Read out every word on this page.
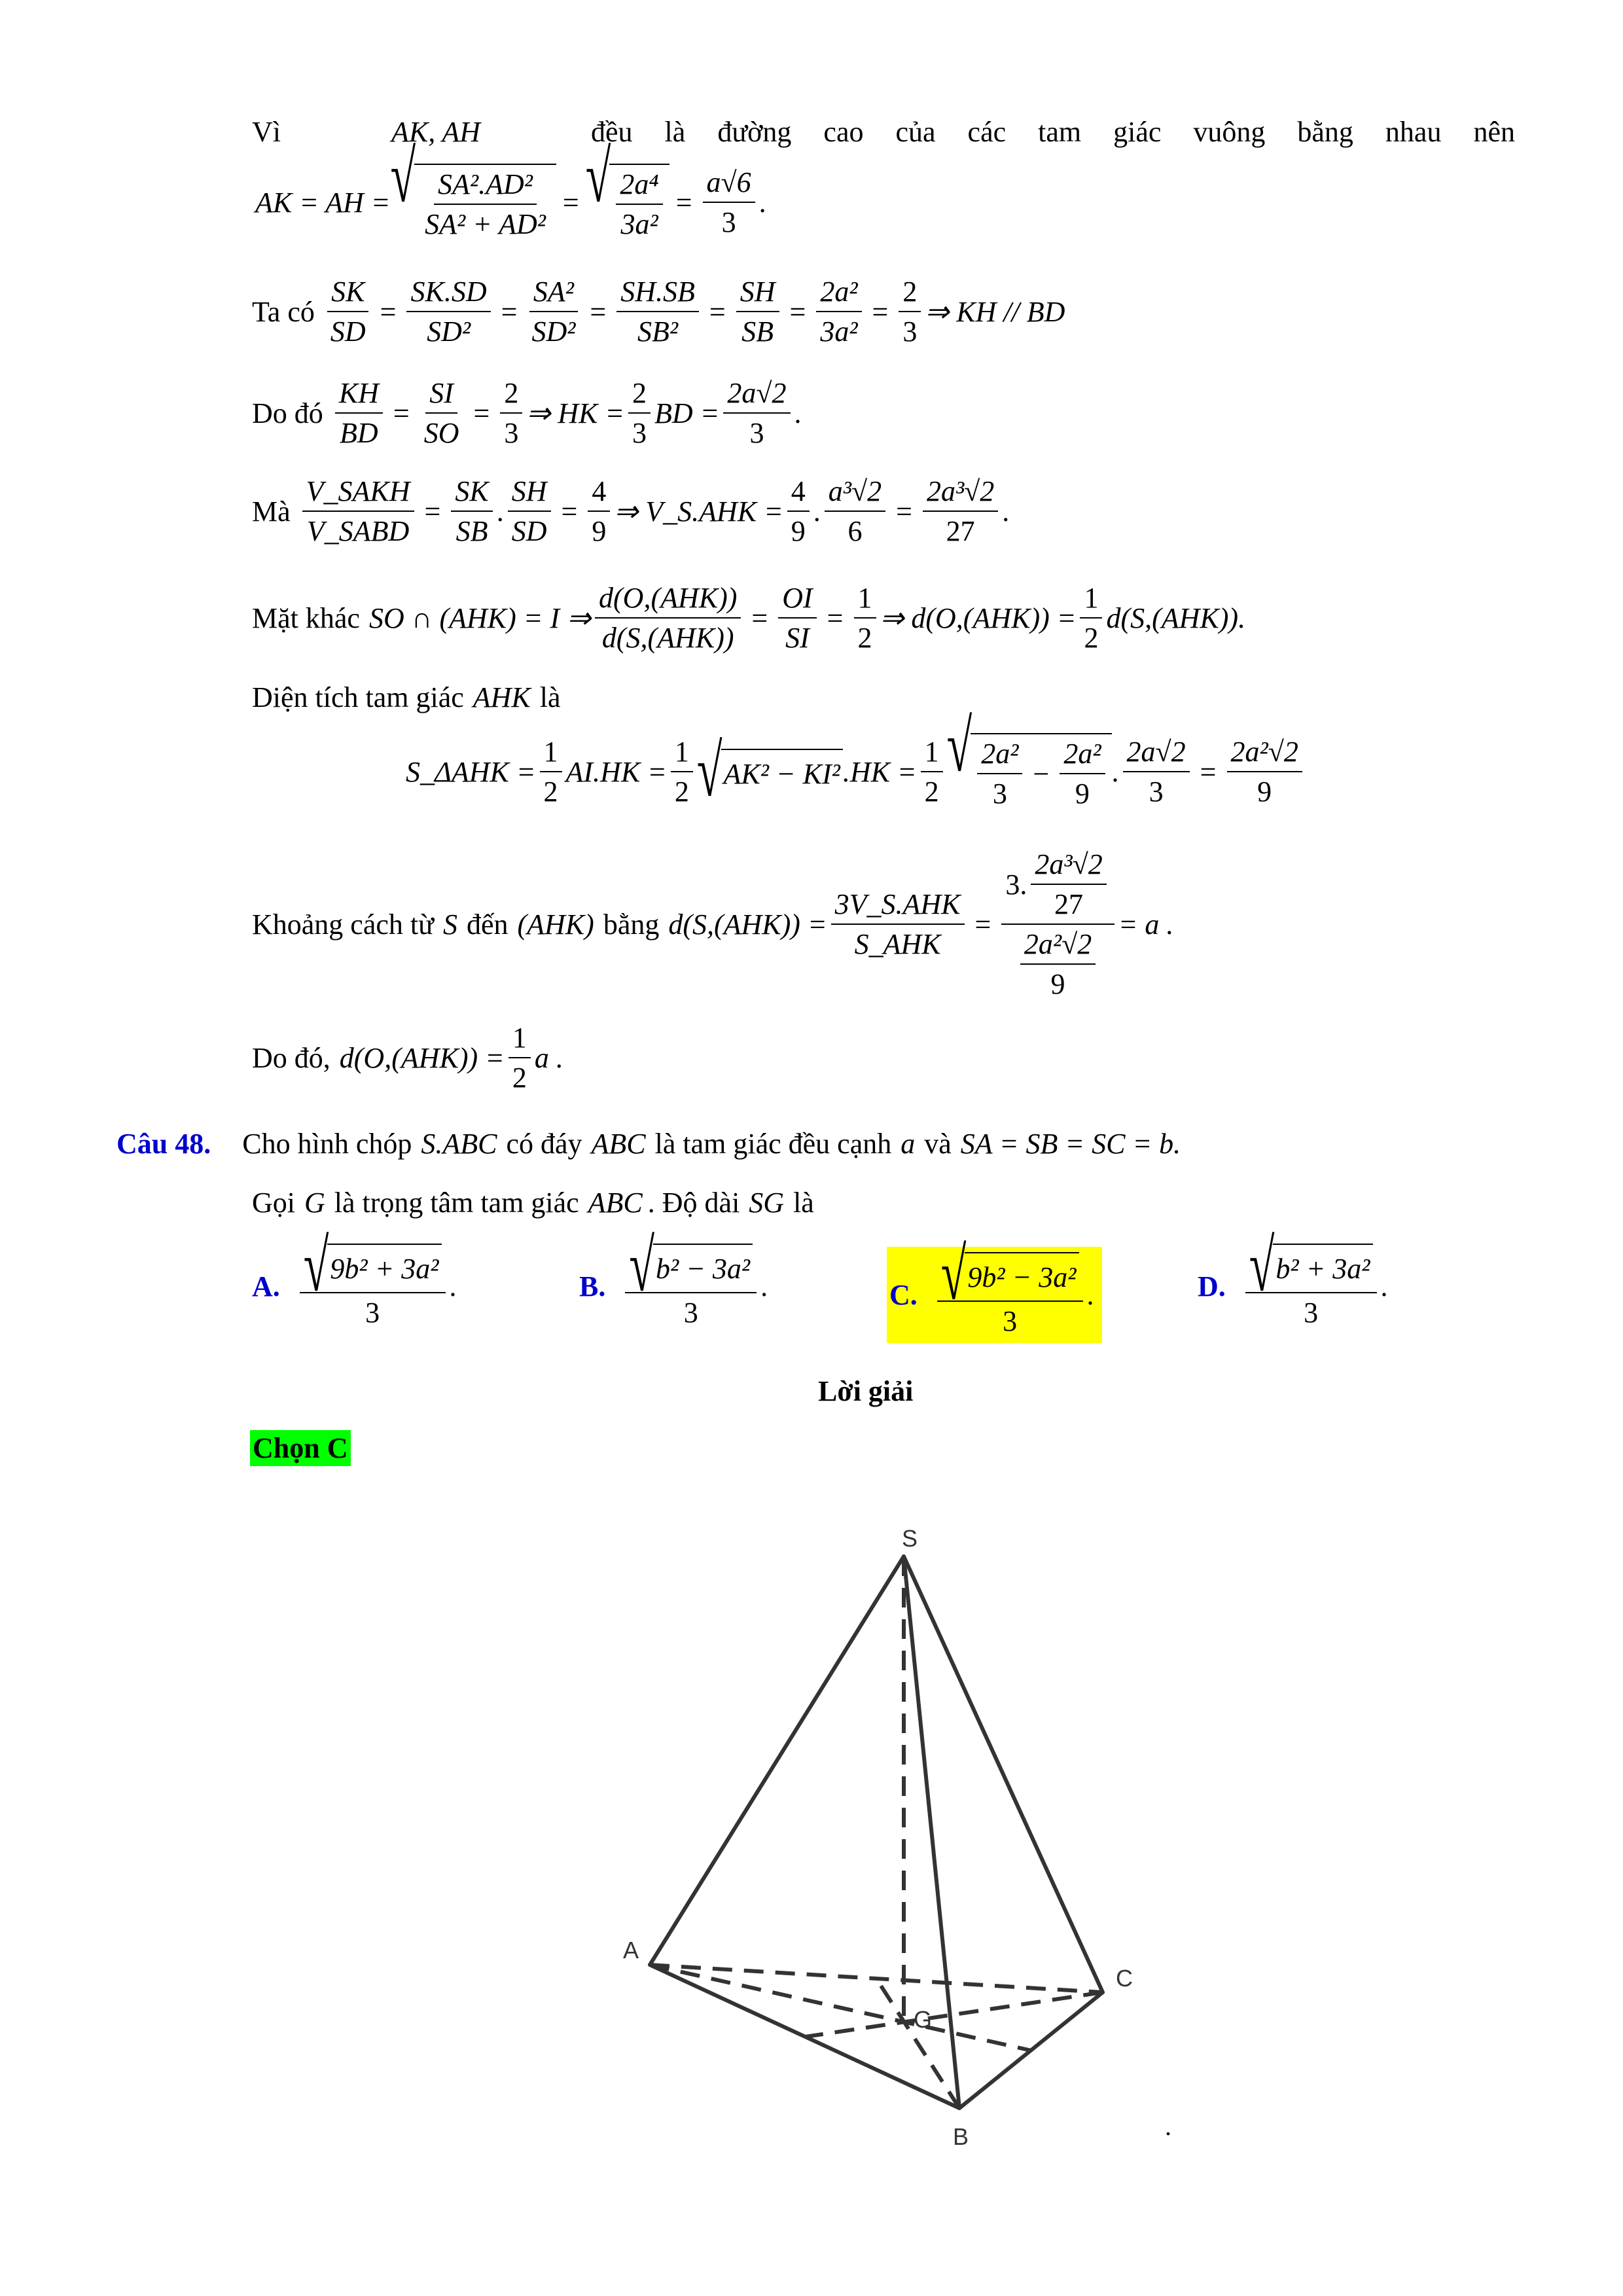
Vì	AK, AH	đều là đường cao của các tam giác vuông bằng nhau nên
AK = AH = √ $\frac{\text{SA².AD²}}{\text{SA² + AD²}}$ = √ $\frac{\text{2a⁴}}{\text{3a²}} = \frac{a√6}{3}$ .
Ta có $\frac{SK}{SD} = \frac{SK.SD}{\text{SD²}} = \frac{\text{SA²}}{\text{SD²}} = \frac{SH.SB}{\text{SB²}} = \frac{SH}{SB} = \frac{\text{2a²}}{\text{3a²}} = \frac{2}{3}$ ⇒ KH // BD
Do đó $\frac{KH}{BD} = \frac{SI}{SO} = \frac{2}{3}$ ⇒ HK = $\frac{2}{3}$ BD = $\frac{2a√2}{3}$ .
Mà $\frac{\text{V\_SAKH}}{\text{V\_SABD}} = \frac{SK}{SB}$ . $\frac{SH}{SD} = \frac{4}{9}$ ⇒ V_S.AHK = $\frac{4}{9}$ . $\frac{\text{a³√2}}{6} = \frac{\text{2a³√2}}{27}$ .
Mặt khác SO ∩ (AHK) = I ⇒ $\frac{\text{d(O,(AHK))}}{\text{d(S,(AHK))}} = \frac{OI}{SI} = \frac{1}{2}$ ⇒ $d(O,(AHK)) = \frac{1}{2} d(S,(AHK))$.
Diện tích tam giác AHK là
S_ΔAHK = $\frac{1}{2} AI.HK = \frac{1}{2}$ √ AK² − KI² $.HK = \frac{1}{2}$ √ $\frac{\text{2a²}}{3} - \frac{\text{2a²}}{9}$ . $\frac{2a√2}{3} = \frac{\text{2a²√2}}{9}$
Khoảng cách từ S đến (AHK) bằng $d(S,(AHK)) = \frac{\text{3V\_S.AHK}}{\text{S\_AHK}} = \frac{3. \frac{\text{2a³√2}}{27}}{\frac{\text{2a²√2}}{9}} = a$ .
Do đó, $d(O,(AHK)) = \frac{1}{2}$ a .
Câu 48. Cho hình chóp S.ABC có đáy ABC là tam giác đều cạnh a và SA = SB = SC = b.
Gọi G là trọng tâm tam giác ABC . Độ dài SG là
A. $\frac{\text{√ 9b² + 3a²}}{3}$ .	B. $\frac{\text{√ b² − 3a²}}{3}$ .	C. $\frac{\text{√ 9b² − 3a²}}{3}$ .	D. $\frac{\text{√ b² + 3a²}}{3}$ .
Lời giải
Chọn C
S
A
B
C
G
.
